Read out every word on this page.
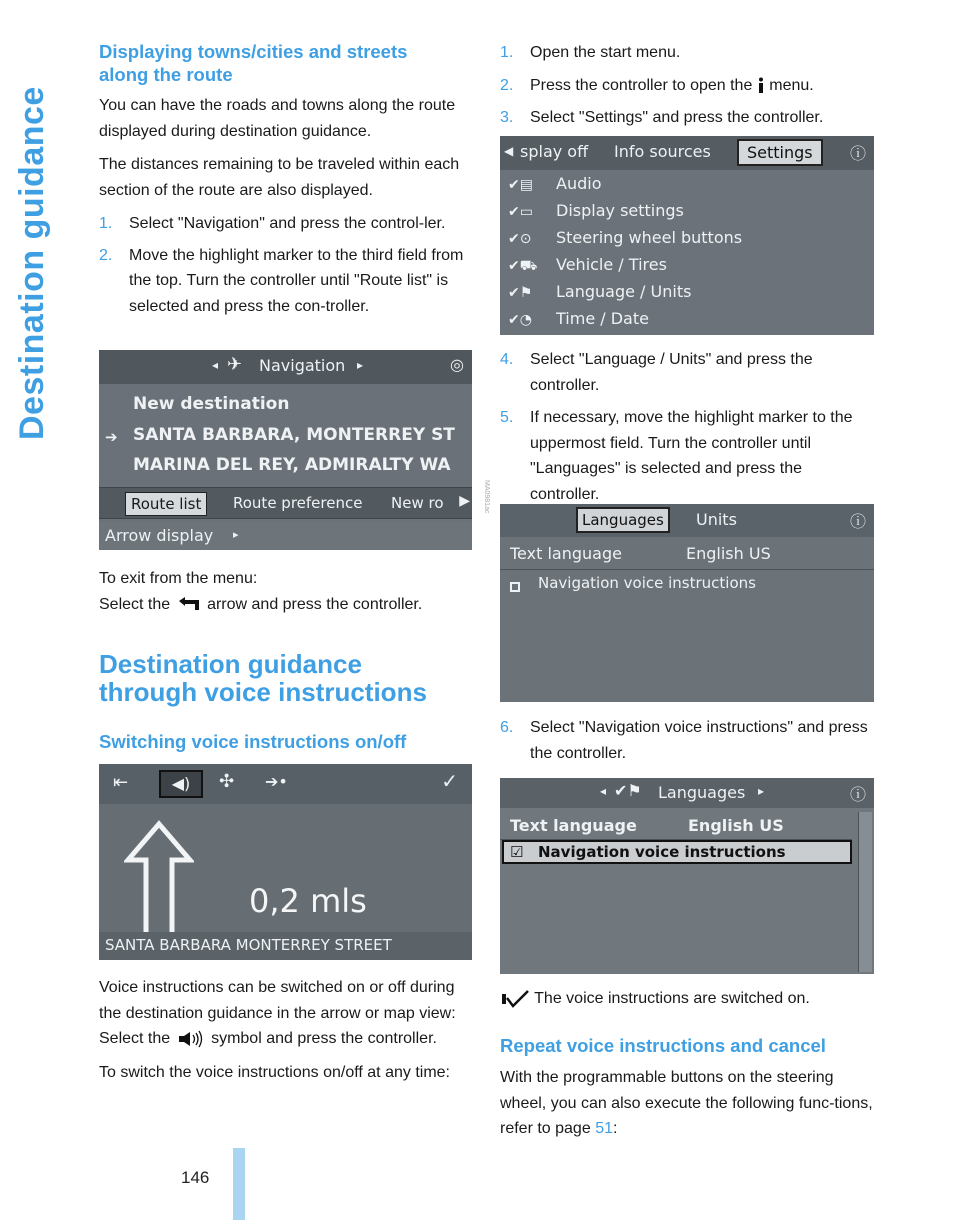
Destination guidance
146
Displaying towns/cities and streets along the route

You can have the roads and towns along the route displayed during destination guidance.

The distances remaining to be traveled within each section of the route are also displayed.

1.	Select "Navigation" and press the control-ler.
2.	Move the highlight marker to the third field from the top. Turn the controller until "Route list" is selected and press the con-troller.
◂ ✈ Navigation ▸	◎
New destination
➔ SANTA BARBARA, MONTERREY ST
MARINA DEL REY, ADMIRALTY WA
Route list	Route preference New ro ▶
Arrow display ▸
MA0981ac

To exit from the menu:

Select the arrow and press the controller.

Destination guidance through voice instructions
Switching voice instructions on/off
⇤	◀)	✣ ➔•	✓
0,2 mls
SANTA BARBARA MONTERREY STREET

Voice instructions can be switched on or off during the destination guidance in the arrow or map view:

Select the	symbol and press the controller.

To switch the voice instructions on/off at any time:

1.	Open the start menu.
2.	Press the controller to open the menu.
3.	Select "Settings" and press the controller.
◀ splay off Info sources	Settings	ⓘ
✔▤ Audio
✔▭ Display settings
✔⊙ Steering wheel buttons
✔⛟ Vehicle / Tires
✔⚑ Language / Units
✔◔ Time / Date
4.	Select "Language / Units" and press the controller.
5.	If necessary, move the highlight marker to the uppermost field. Turn the controller until "Languages" is selected and press the controller.
Languages	Units	ⓘ
Text language	English US
Navigation voice instructions
6.	Select "Navigation voice instructions" and press the controller.
◂ ✔⚑ Languages ▸	ⓘ
Text language	English US
☑ Navigation voice instructions

The voice instructions are switched on.

Repeat voice instructions and cancel

With the programmable buttons on the steering wheel, you can also execute the following func-tions, refer to page 51:
